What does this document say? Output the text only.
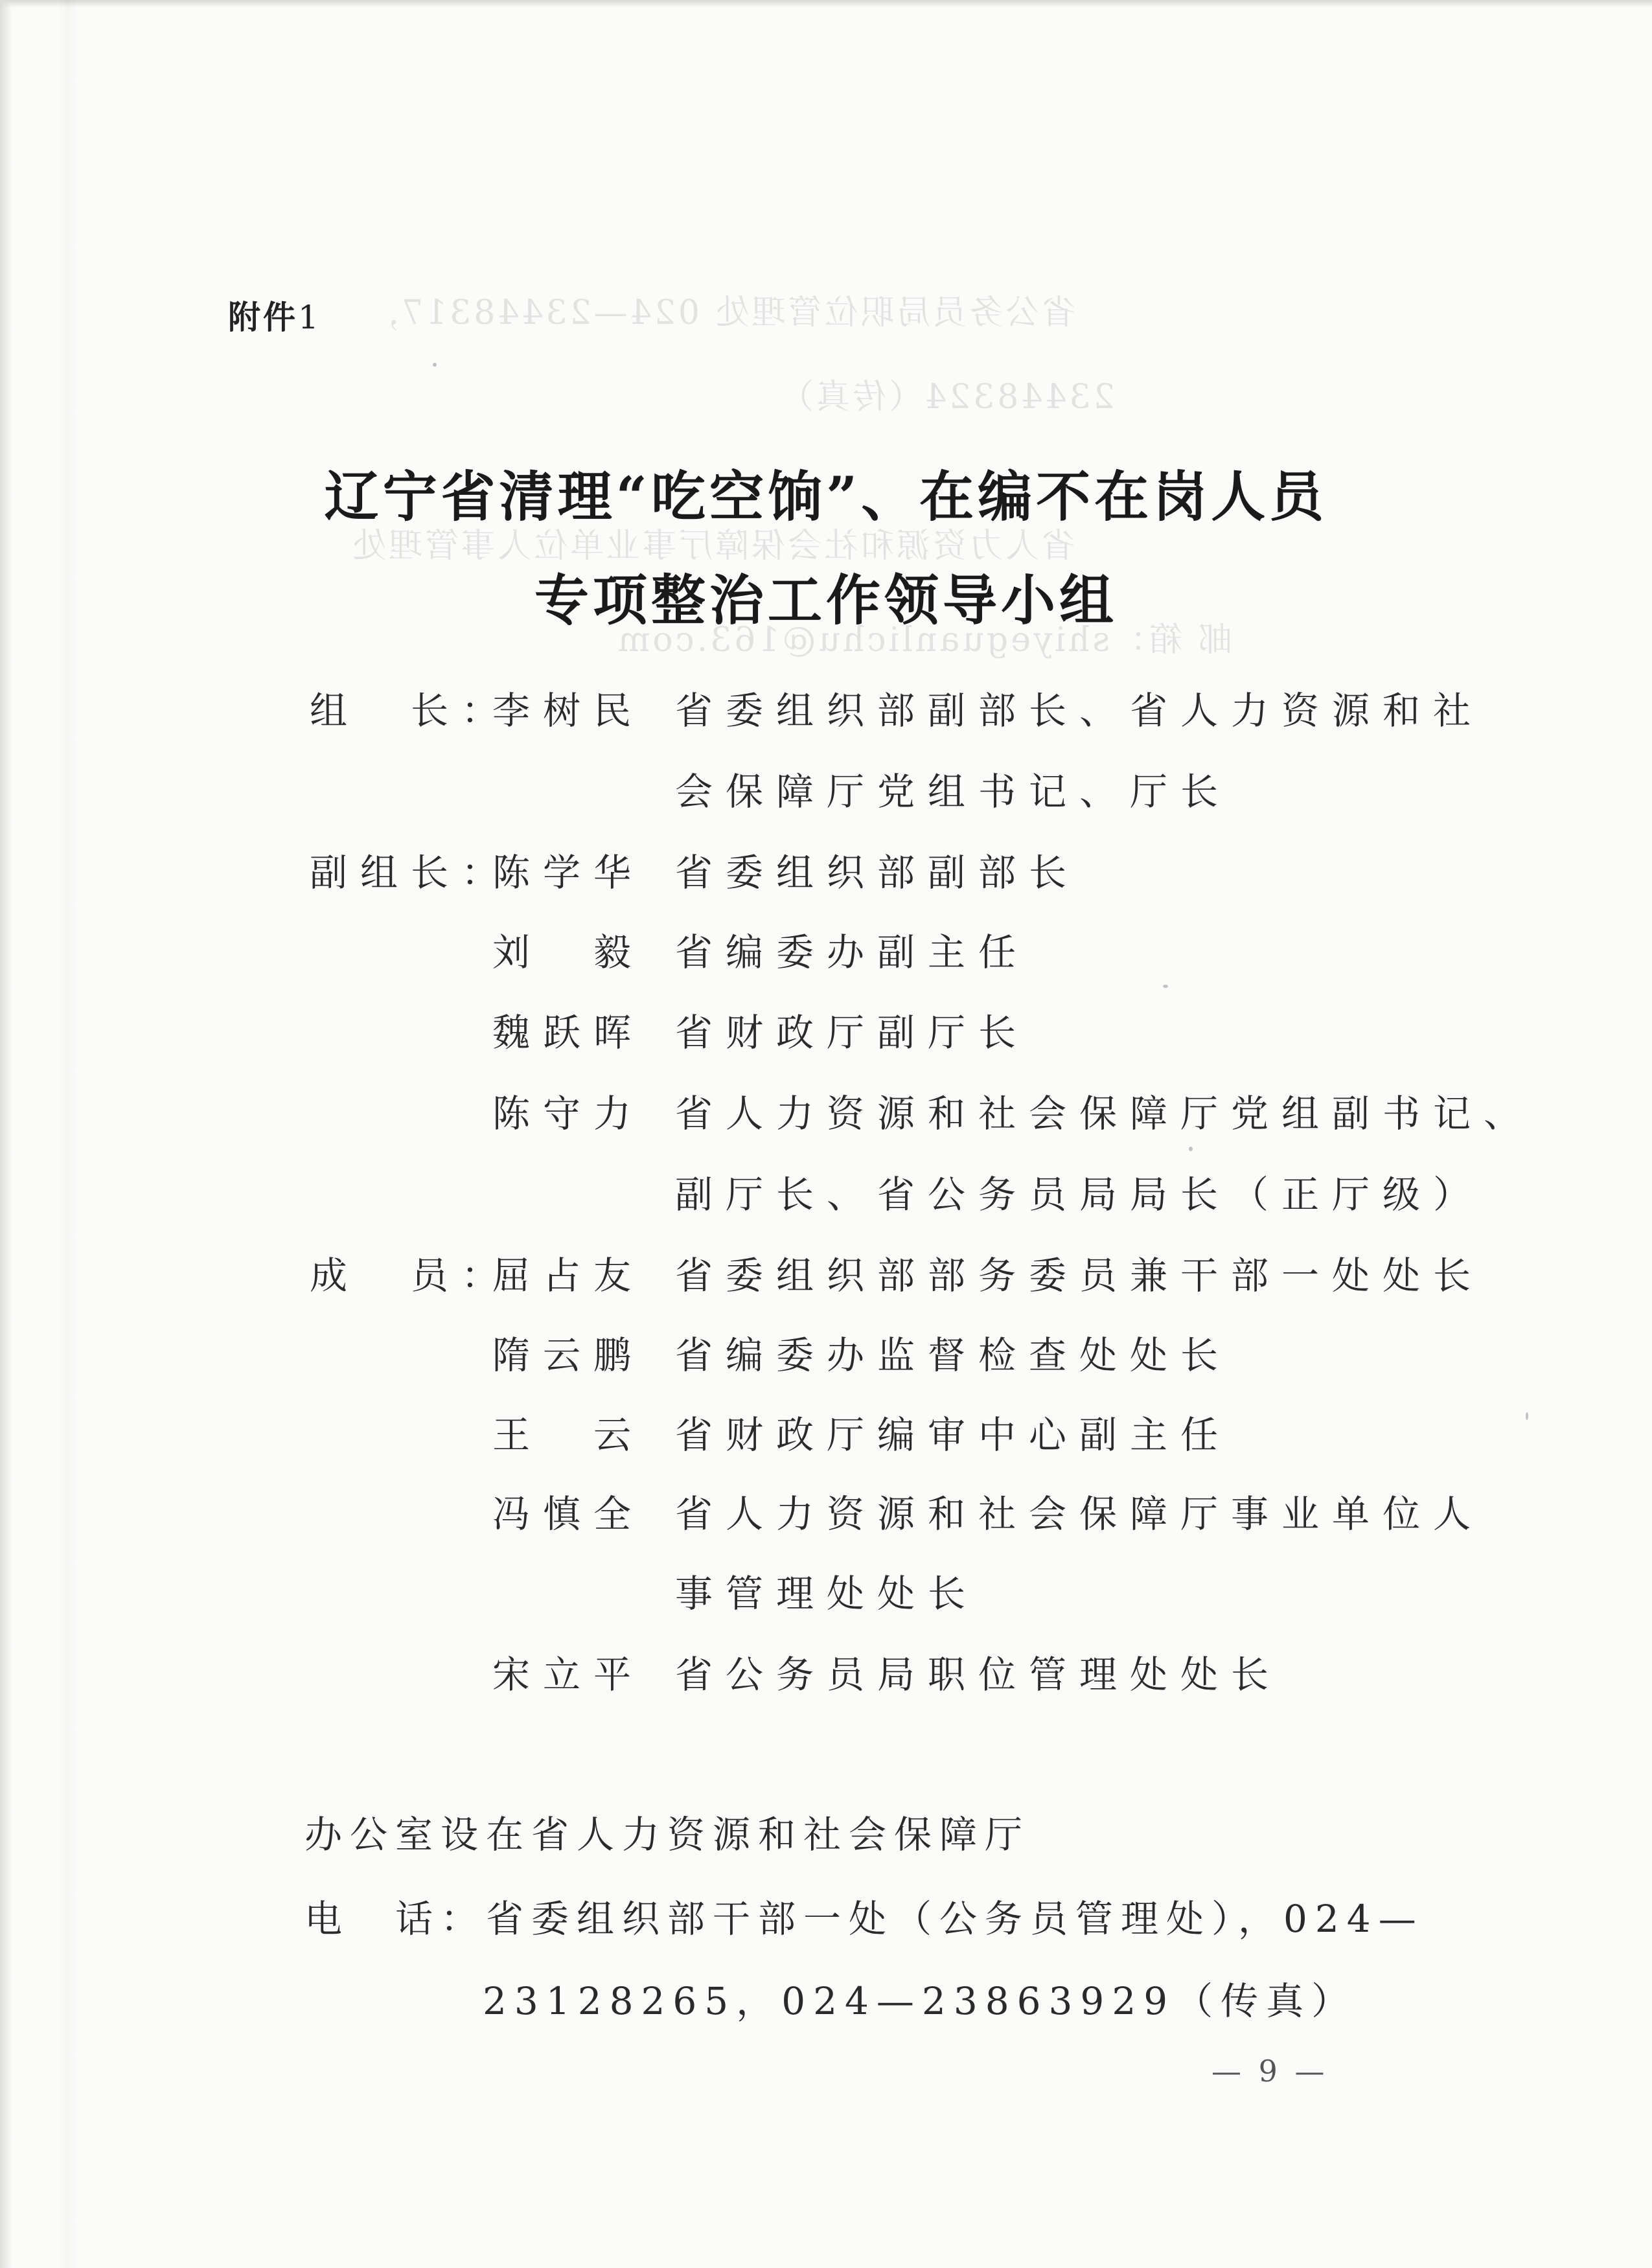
省公务员局职位管理处 024—23448317，
23448324（传真）
省人力资源和社会保障厅事业单位人事管理处
邮 箱：shiyeguanlichu@163.com
附件1
辽宁省清理“吃空饷”、在编不在岗人员
专项整治工作领导小组
组　长：
李树民 省委组织部副部长、省人力资源和社
会保障厅党组书记、厅长
副组长：
陈学华 省委组织部副部长
刘　毅 省编委办副主任
魏跃晖 省财政厅副厅长
陈守力 省人力资源和社会保障厅党组副书记、
副厅长、省公务员局局长（正厅级）
成　员：
屈占友 省委组织部部务委员兼干部一处处长
隋云鹏 省编委办监督检查处处长
王　云 省财政厅编审中心副主任
冯慎全 省人力资源和社会保障厅事业单位人
事管理处处长
宋立平 省公务员局职位管理处处长
办公室设在省人力资源和社会保障厅
电　话：省委组织部干部一处（公务员管理处），024—
23128265，024—23863929（传真）
— 9 —
